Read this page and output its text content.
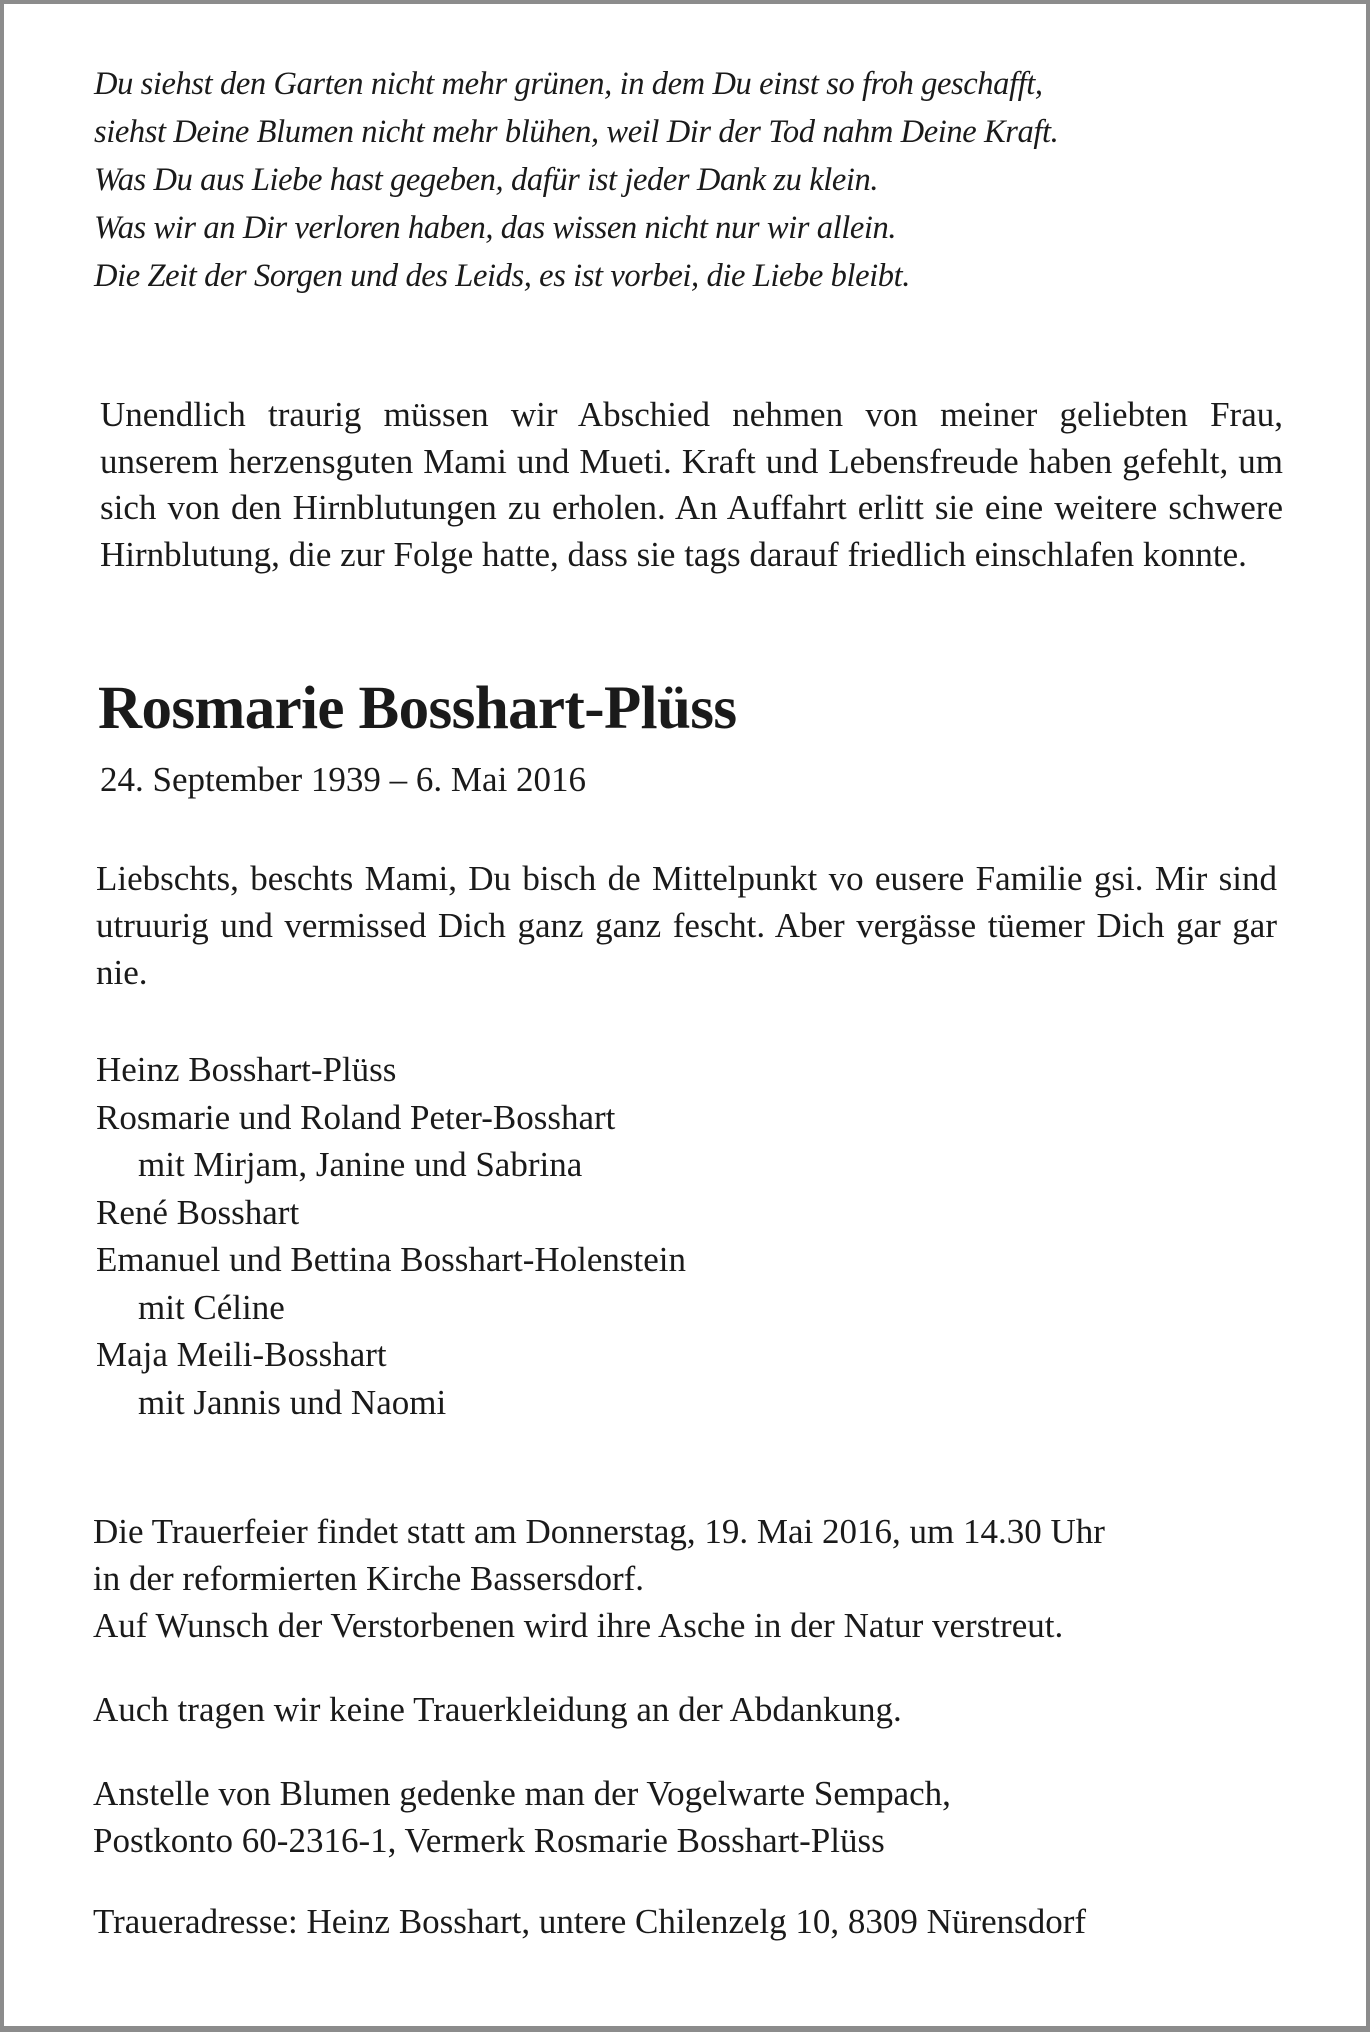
Du siehst den Garten nicht mehr grünen, in dem Du einst so froh geschafft,
siehst Deine Blumen nicht mehr blühen, weil Dir der Tod nahm Deine Kraft.
Was Du aus Liebe hast gegeben, dafür ist jeder Dank zu klein.
Was wir an Dir verloren haben, das wissen nicht nur wir allein.
Die Zeit der Sorgen und des Leids, es ist vorbei, die Liebe bleibt.
Unendlich traurig müssen wir Abschied nehmen von meiner geliebten Frau, unserem herzensguten Mami und Mueti. Kraft und Lebensfreude haben gefehlt, um sich von den Hirnblutungen zu erholen. An Auffahrt erlitt sie eine weitere schwere Hirnblutung, die zur Folge hatte, dass sie tags darauf friedlich einschlafen konnte.
Rosmarie Bosshart-Plüss
24. September 1939 – 6. Mai 2016
Liebschts, beschts Mami, Du bisch de Mittelpunkt vo eusere Familie gsi. Mir sind utruurig und vermissed Dich ganz ganz fescht. Aber vergässe tüemer Dich gar gar nie.
Heinz Bosshart-Plüss
Rosmarie und Roland Peter-Bosshart
mit Mirjam, Janine und Sabrina
René Bosshart
Emanuel und Bettina Bosshart-Holenstein
mit Céline
Maja Meili-Bosshart
mit Jannis und Naomi
Die Trauerfeier findet statt am Donnerstag, 19. Mai 2016, um 14.30 Uhr
in der reformierten Kirche Bassersdorf.
Auf Wunsch der Verstorbenen wird ihre Asche in der Natur verstreut.
Auch tragen wir keine Trauerkleidung an der Abdankung.
Anstelle von Blumen gedenke man der Vogelwarte Sempach,
Postkonto 60-2316-1, Vermerk Rosmarie Bosshart-Plüss
Traueradresse: Heinz Bosshart, untere Chilenzelg 10, 8309 Nürensdorf
